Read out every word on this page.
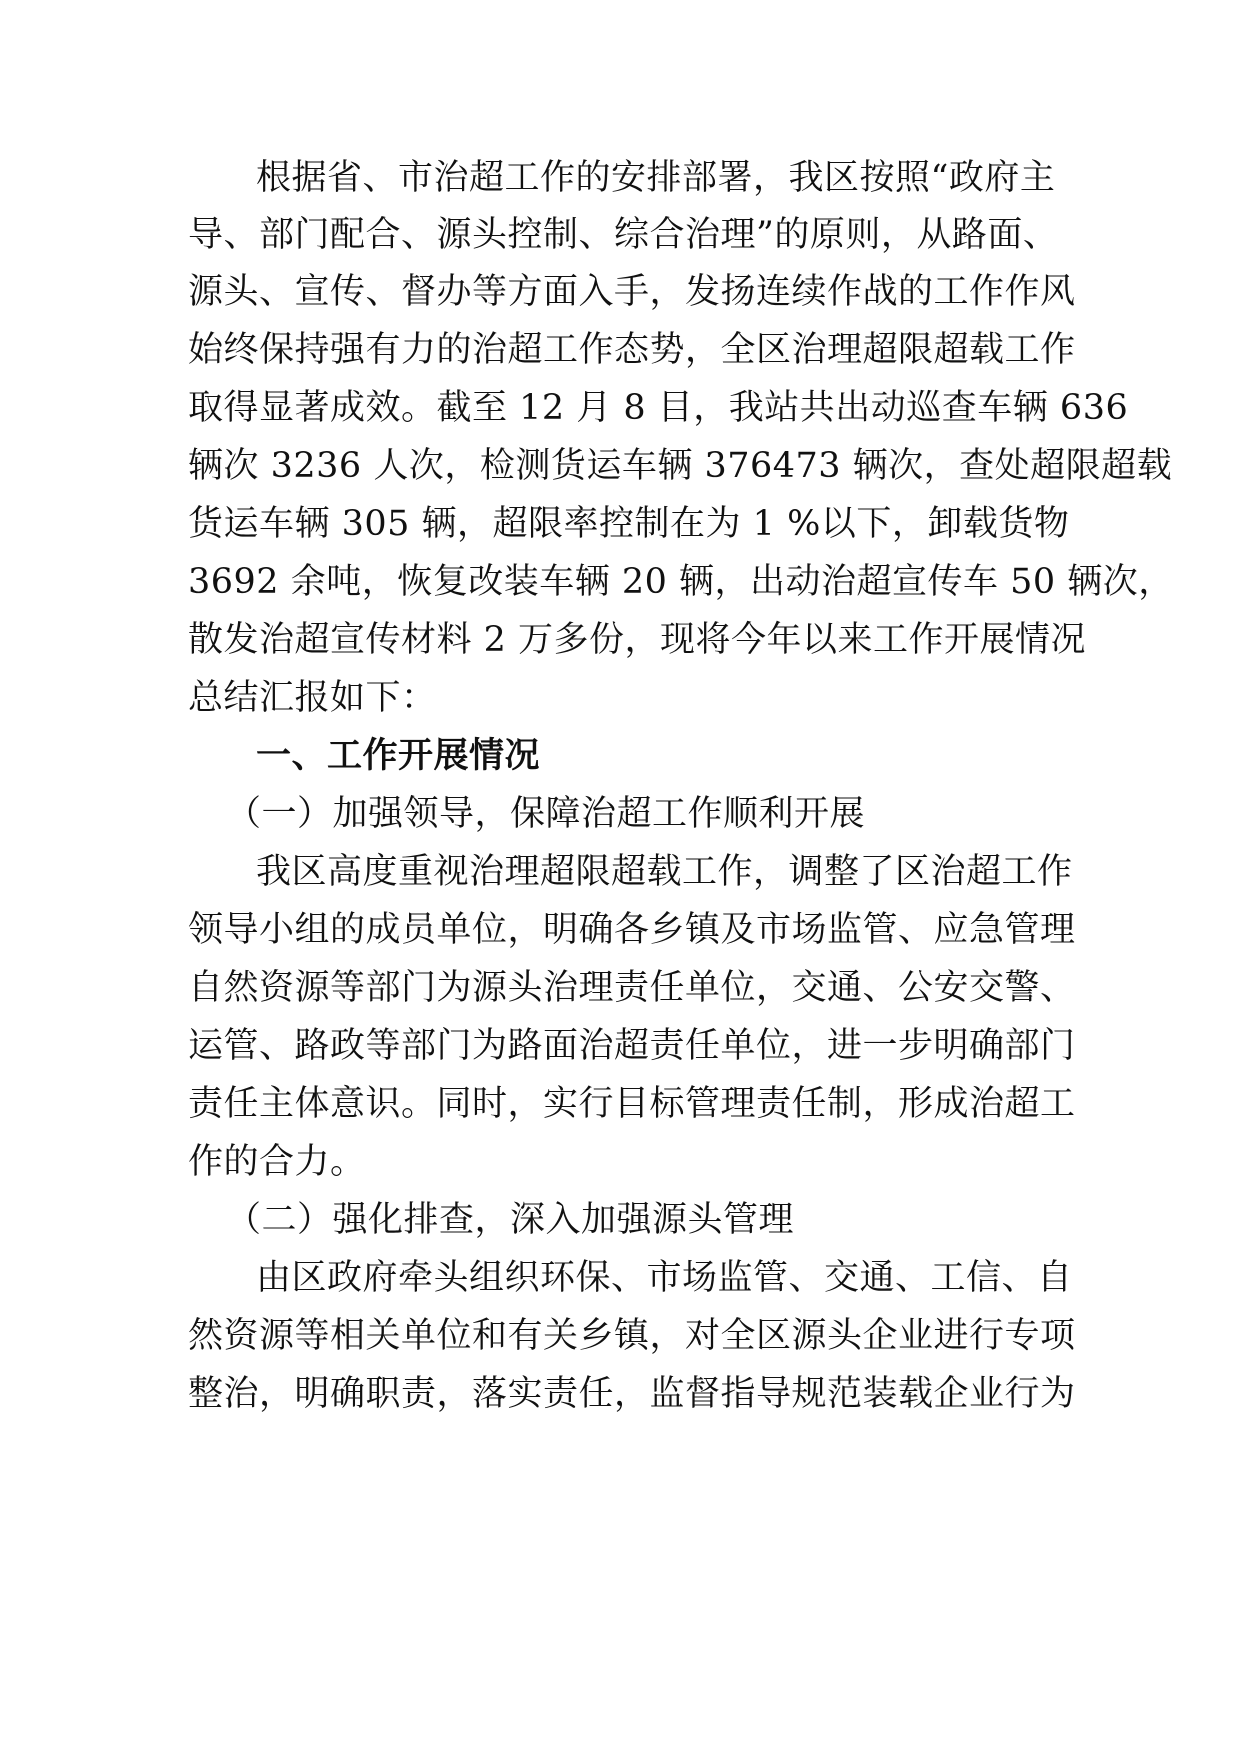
根据省、市治超工作的安排部署，我区按照“政府主
导、部门配合、源头控制、综合治理”的原则，从路面、
源头、宣传、督办等方面入手，发扬连续作战的工作作风
始终保持强有力的治超工作态势，全区治理超限超载工作
取得显著成效。截至 12 月 8 目，我站共出动巡查车辆 636
辆次 3236 人次，检测货运车辆 376473 辆次，查处超限超载
货运车辆 305 辆，超限率控制在为 1 %以下，卸载货物
3692 余吨，恢复改装车辆 20 辆，出动治超宣传车 50 辆次，
散发治超宣传材料 2 万多份，现将今年以来工作开展情况
总结汇报如下：
一、工作开展情况
（一）加强领导，保障治超工作顺利开展
我区高度重视治理超限超载工作，调整了区治超工作
领导小组的成员单位，明确各乡镇及市场监管、应急管理
自然资源等部门为源头治理责任单位，交通、公安交警、
运管、路政等部门为路面治超责任单位，进一步明确部门
责任主体意识。同时，实行目标管理责任制，形成治超工
作的合力。
（二）强化排查，深入加强源头管理
由区政府牵头组织环保、市场监管、交通、工信、自
然资源等相关单位和有关乡镇，对全区源头企业进行专项
整治，明确职责，落实责任，监督指导规范装载企业行为
